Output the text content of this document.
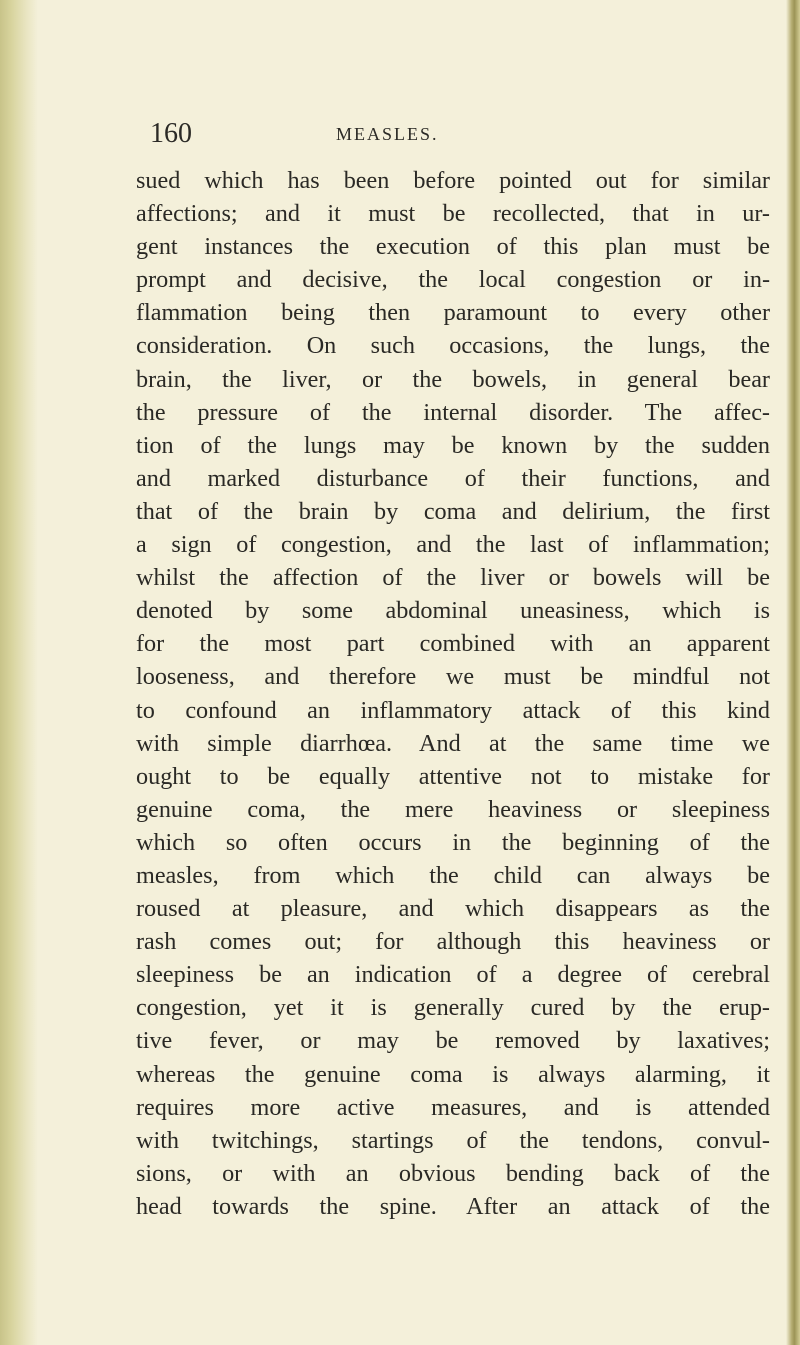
160	MEASLES.
sued which has been before pointed out for similar
affections; and it must be recollected, that in ur-
gent instances the execution of this plan must be
prompt and decisive, the local congestion or in-
flammation being then paramount to every other
consideration. On such occasions, the lungs, the
brain, the liver, or the bowels, in general bear
the pressure of the internal disorder. The affec-
tion of the lungs may be known by the sudden
and marked disturbance of their functions, and
that of the brain by coma and delirium, the first
a sign of congestion, and the last of inflammation;
whilst the affection of the liver or bowels will be
denoted by some abdominal uneasiness, which is
for the most part combined with an apparent
looseness, and therefore we must be mindful not
to confound an inflammatory attack of this kind
with simple diarrhœa. And at the same time we
ought to be equally attentive not to mistake for
genuine coma, the mere heaviness or sleepiness
which so often occurs in the beginning of the
measles, from which the child can always be
roused at pleasure, and which disappears as the
rash comes out; for although this heaviness or
sleepiness be an indication of a degree of cerebral
congestion, yet it is generally cured by the erup-
tive fever, or may be removed by laxatives;
whereas the genuine coma is always alarming, it
requires more active measures, and is attended
with twitchings, startings of the tendons, convul-
sions, or with an obvious bending back of the
head towards the spine. After an attack of the
